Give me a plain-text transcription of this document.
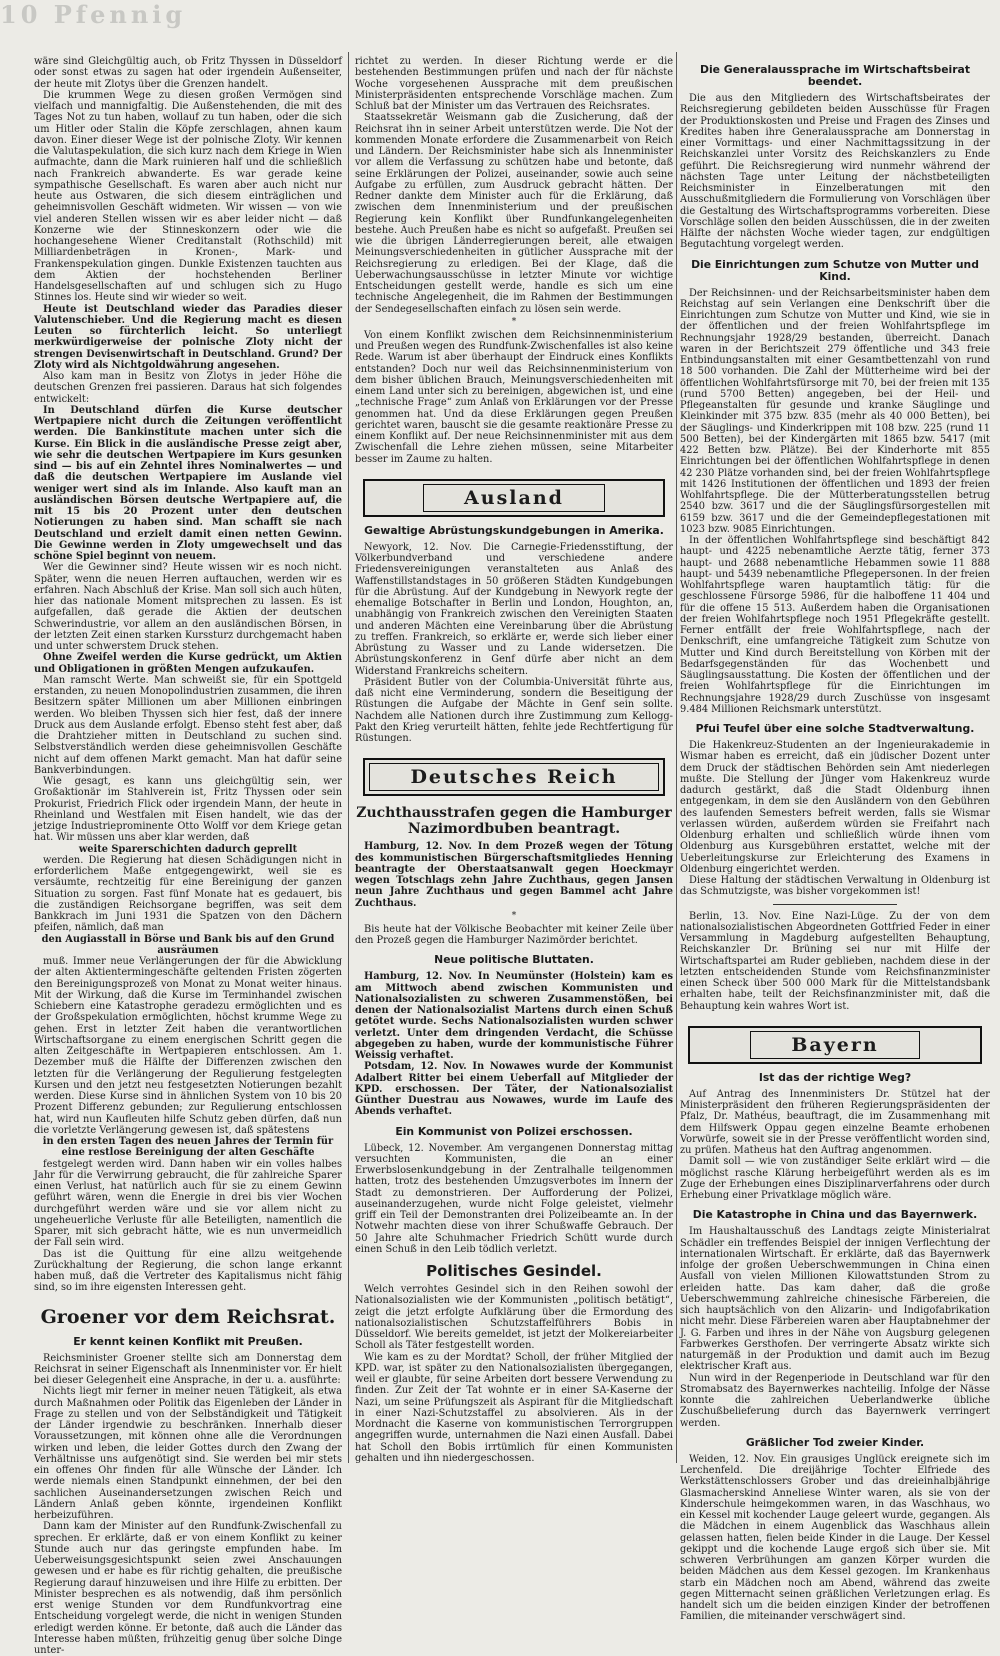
10 Pfennig

wäre sind Gleichgültig auch, ob Fritz Thyssen in Düsseldorf oder sonst etwas zu sagen hat oder irgendein Außenseiter, der heute mit Zlotys über die Grenzen handelt.

Die krummen Wege zu diesen großen Vermögen sind vielfach und mannigfaltig. Die Außenstehenden, die mit des Tages Not zu tun haben, wollauf zu tun haben, oder die sich um Hitler oder Stalin die Köpfe zerschlagen, ahnen kaum davon. Einer dieser Wege ist der polnische Zloty. Wir kennen die Valutaspekulation, die sich kurz nach dem Kriege in Wien aufmachte, dann die Mark ruinieren half und die schließlich nach Frankreich abwanderte. Es war gerade keine sympathische Gesellschaft. Es waren aber auch nicht nur heute aus Ostwaren, die sich diesem einträglichen und geheimnisvollen Geschäft widmeten. Wir wissen — von wie viel anderen Stellen wissen wir es aber leider nicht — daß Konzerne wie der Stinneskonzern oder wie die hochangesehene Wiener Creditanstalt (Rothschild) mit Milliardenbeträgen in Kronen-, Mark- und Frankenspekulation gingen. Dunkle Existenzen tauchten aus dem Aktien der hochstehenden Berliner Handelsgesellschaften auf und schlugen sich zu Hugo Stinnes los. Heute sind wir wieder so weit.

Heute ist Deutschland wieder das Paradies dieser Valutenschieber. Und die Regierung macht es diesen Leuten so fürchterlich leicht. So unterliegt merkwürdigerweise der polnische Zloty nicht der strengen Devisenwirtschaft in Deutschland. Grund? Der Zloty wird als Nichtgoldwährung angesehen.

Also kam man in Besitz von Zlotys in jeder Höhe die deutschen Grenzen frei passieren. Daraus hat sich folgendes entwickelt:

In Deutschland dürfen die Kurse deutscher Wertpapiere nicht durch die Zeitungen veröffentlicht werden. Die Bankinstitute machen unter sich die Kurse. Ein Blick in die ausländische Presse zeigt aber, wie sehr die deutschen Wertpapiere im Kurs gesunken sind — bis auf ein Zehntel ihres Nominalwertes — und daß die deutschen Wertpapiere im Auslande viel weniger wert sind als im Inlande. Also kauft man an ausländischen Börsen deutsche Wertpapiere auf, die mit 15 bis 20 Prozent unter den deutschen Notierungen zu haben sind. Man schafft sie nach Deutschland und erzielt damit einen netten Gewinn. Die Gewinne werden in Zloty umgewechselt und das schöne Spiel beginnt von neuem.

Wer die Gewinner sind? Heute wissen wir es noch nicht. Später, wenn die neuen Herren auftauchen, werden wir es erfahren. Nach Abschluß der Krise. Man soll sich auch hüten, hier das nationale Moment mitsprechen zu lassen. Es ist aufgefallen, daß gerade die Aktien der deutschen Schwerindustrie, vor allem an den ausländischen Börsen, in der letzten Zeit einen starken Kurssturz durchgemacht haben und unter schwerstem Druck stehen.

Ohne Zweifel werden die Kurse gedrückt, um Aktien und Obligationen in größten Mengen aufzukaufen.

Man ramscht Werte. Man schweißt sie, für ein Spottgeld erstanden, zu neuen Monopolindustrien zusammen, die ihren Besitzern später Millionen um aber Millionen einbringen werden. Wo bleiben Thyssen sich hier fest, daß der innere Druck aus dem Auslande erfolgt. Ebenso steht fest aber, daß die Drahtzieher mitten in Deutschland zu suchen sind. Selbstverständlich werden diese geheimnisvollen Geschäfte nicht auf dem offenen Markt gemacht. Man hat dafür seine Bankverbindungen.

Wie gesagt, es kann uns gleichgültig sein, wer Großaktionär im Stahlverein ist, Fritz Thyssen oder sein Prokurist, Friedrich Flick oder irgendein Mann, der heute in Rheinland und Westfalen mit Eisen handelt, wie das der jetzige Industrieprominente Otto Wolff vor dem Kriege getan hat. Wir müssen uns aber klar werden, daß

weite Sparerschichten dadurch geprellt

werden. Die Regierung hat diesen Schädigungen nicht in erforderlichem Maße entgegengewirkt, weil sie es versäumte, rechtzeitig für eine Bereinigung der ganzen Situation zu sorgen. Fast fünf Monate hat es gedauert, bis die zuständigen Reichsorgane begriffen, was seit dem Bankkrach im Juni 1931 die Spatzen von den Dächern pfeifen, nämlich, daß man

den Augiasstall in Börse und Bank bis auf den Grund ausräumen

muß. Immer neue Verlängerungen der für die Abwicklung der alten Aktientermingeschäfte geltenden Fristen zögerten den Bereinigungsprozeß von Monat zu Monat weiter hinaus. Mit der Wirkung, daß die Kurse im Terminhandel zwischen Schiebern eine Katastrophe geradezu ermöglichten und es der Großspekulation ermöglichten, höchst krumme Wege zu gehen. Erst in letzter Zeit haben die verantwortlichen Wirtschaftsorgane zu einem energischen Schritt gegen die alten Zeitgeschäfte in Wertpapieren entschlossen. Am 1. Dezember muß die Hälfte der Differenzen zwischen den letzten für die Verlängerung der Regulierung festgelegten Kursen und den jetzt neu festgesetzten Notierungen bezahlt werden. Diese Kurse sind in ähnlichen System von 10 bis 20 Prozent Differenz gebunden; zur Regulierung entschlossen hat, wird nun Kaufleuten hilfe Schutz geben dürfen, daß nun die vorletzte Verlängerung gewesen ist, daß spätestens

in den ersten Tagen des neuen Jahres der Termin für eine restlose Bereinigung der alten Geschäfte

festgelegt werden wird. Dann haben wir ein volles halbes Jahr für die Verwirrung gebraucht, die für zahlreiche Sparer einen Verlust, hat natürlich auch für sie zu einem Gewinn geführt wären, wenn die Energie in drei bis vier Wochen durchgeführt werden wäre und sie vor allem nicht zu ungeheuerliche Verluste für alle Beteiligten, namentlich die Sparer, mit sich gebracht hätte, wie es nun unvermeidlich der Fall sein wird.

Das ist die Quittung für eine allzu weitgehende Zurückhaltung der Regierung, die schon lange erkannt haben muß, daß die Vertreter des Kapitalismus nicht fähig sind, so im ihre eigensten Interessen geht.

Groener vor dem Reichsrat.
Er kennt keinen Konflikt mit Preußen.

Reichsminister Groener stellte sich am Donnerstag dem Reichsrat in seiner Eigenschaft als Innenminister vor. Er hielt bei dieser Gelegenheit eine Ansprache, in der u. a. ausführte:

Nichts liegt mir ferner in meiner neuen Tätigkeit, als etwa durch Maßnahmen oder Politik das Eigenleben der Länder in Frage zu stellen und von der Selbständigkeit und Tätigkeit der Länder irgendwie zu beschränken. Innerhalb dieser Voraussetzungen, mit können ohne alle die Verordnungen wirken und leben, die leider Gottes durch den Zwang der Verhältnisse uns aufgenötigt sind. Sie werden bei mir stets ein offenes Ohr finden für alle Wünsche der Länder. Ich werde niemals einen Standpunkt einnehmen, der bei den sachlichen Auseinandersetzungen zwischen Reich und Ländern Anlaß geben könnte, irgendeinen Konflikt herbeizuführen.

Dann kam der Minister auf den Rundfunk-Zwischenfall zu sprechen. Er erklärte, daß er von einem Konflikt zu keiner Stunde auch nur das geringste empfunden habe. Im Ueberweisungsgesichtspunkt seien zwei Anschauungen gewesen und er habe es für richtig gehalten, die preußische Regierung darauf hinzuweisen und ihre Hilfe zu erbitten. Der Minister besprechen es als notwendig, daß ihm persönlich erst wenige Stunden vor dem Rundfunkvortrag eine Entscheidung vorgelegt werde, die nicht in wenigen Stunden erledigt werden könne. Er betonte, daß auch die Länder das Interesse haben müßten, frühzeitig genug über solche Dinge unter-

richtet zu werden. In dieser Richtung werde er die bestehenden Bestimmungen prüfen und nach der für nächste Woche vorgesehenen Aussprache mit dem preußischen Ministerpräsidenten entsprechende Vorschläge machen. Zum Schluß bat der Minister um das Vertrauen des Reichsrates.

Staatssekretär Weismann gab die Zusicherung, daß der Reichsrat ihn in seiner Arbeit unterstützen werde. Die Not der kommenden Monate erfordere die Zusammenarbeit von Reich und Ländern. Der Reichsminister habe sich als Innenminister vor allem die Verfassung zu schützen habe und betonte, daß seine Erklärungen der Polizei, auseinander, sowie auch seine Aufgabe zu erfüllen, zum Ausdruck gebracht hätten. Der Redner dankte dem Minister auch für die Erklärung, daß zwischen dem Innenministerium und der preußischen Regierung kein Konflikt über Rundfunkangelegenheiten bestehe. Auch Preußen habe es nicht so aufgefaßt. Preußen sei wie die übrigen Länderregierungen bereit, alle etwaigen Meinungsverschiedenheiten in gütlicher Aussprache mit der Reichsregierung zu erledigen. Bei der Klage, daß die Ueberwachungsausschüsse in letzter Minute vor wichtige Entscheidungen gestellt werde, handle es sich um eine technische Angelegenheit, die im Rahmen der Bestimmungen der Sendegesellschaften einfach zu lösen sein werde.

*

Von einem Konflikt zwischen dem Reichsinnenministerium und Preußen wegen des Rundfunk-Zwischenfalles ist also keine Rede. Warum ist aber überhaupt der Eindruck eines Konflikts entstanden? Doch nur weil das Reichsinnenministerium von dem bisher üblichen Brauch, Meinungsverschiedenheiten mit einem Land unter sich zu bereinigen, abgewichen ist, und eine „technische Frage“ zum Anlaß von Erklärungen vor der Presse genommen hat. Und da diese Erklärungen gegen Preußen gerichtet waren, bauscht sie die gesamte reaktionäre Presse zu einem Konflikt auf. Der neue Reichsinnenminister mit aus dem Zwischenfall die Lehre ziehen müssen, seine Mitarbeiter besser im Zaume zu halten.

Ausland
Gewaltige Abrüstungskundgebungen in Amerika.

Newyork, 12. Nov. Die Carnegie-Friedensstiftung, der Völkerbundverband und verschiedene andere Friedensvereinigungen veranstalteten aus Anlaß des Waffenstillstandstages in 50 größeren Städten Kundgebungen für die Abrüstung. Auf der Kundgebung in Newyork regte der ehemalige Botschafter in Berlin und London, Houghton, an, unabhängig von Frankreich zwischen den Vereinigten Staaten und anderen Mächten eine Vereinbarung über die Abrüstung zu treffen. Frankreich, so erklärte er, werde sich lieber einer Abrüstung zu Wasser und zu Lande widersetzen. Die Abrüstungskonferenz in Genf dürfe aber nicht an dem Widerstand Frankreichs scheitern.

Präsident Butler von der Columbia-Universität führte aus, daß nicht eine Verminderung, sondern die Beseitigung der Rüstungen die Aufgabe der Mächte in Genf sein sollte. Nachdem alle Nationen durch ihre Zustimmung zum Kellogg-Pakt den Krieg verurteilt hätten, fehlte jede Rechtfertigung für Rüstungen.

Deutsches Reich
Zuchthausstrafen gegen die Hamburger Nazimordbuben beantragt.

Hamburg, 12. Nov. In dem Prozeß wegen der Tötung des kommunistischen Bürgerschaftsmitgliedes Henning beantragte der Oberstaatsanwalt gegen Hoeckmayr wegen Totschlags zehn Jahre Zuchthaus, gegen Jansen neun Jahre Zuchthaus und gegen Bammel acht Jahre Zuchthaus.

*

Bis heute hat der Völkische Beobachter mit keiner Zeile über den Prozeß gegen die Hamburger Nazimörder berichtet.

Neue politische Bluttaten.

Hamburg, 12. Nov. In Neumünster (Holstein) kam es am Mittwoch abend zwischen Kommunisten und Nationalsozialisten zu schweren Zusammenstößen, bei denen der Nationalsozialist Martens durch einen Schuß getötet wurde. Sechs Nationalsozialisten wurden schwer verletzt. Unter dem dringenden Verdacht, die Schüsse abgegeben zu haben, wurde der kommunistische Führer Weissig verhaftet.

Potsdam, 12. Nov. In Nowawes wurde der Kommunist Adalbert Ritter bei einem Ueberfall auf Mitglieder der KPD. erschossen. Der Täter, der Nationalsozialist Günther Duestrau aus Nowawes, wurde im Laufe des Abends verhaftet.

Ein Kommunist von Polizei erschossen.

Lübeck, 12. November. Am vergangenen Donnerstag mittag versuchten Kommunisten, die an einer Erwerbslosenkundgebung in der Zentralhalle teilgenommen hatten, trotz des bestehenden Umzugsverbotes im Innern der Stadt zu demonstrieren. Der Aufforderung der Polizei, auseinanderzugehen, wurde nicht Folge geleistet, vielmehr griff ein Teil der Demonstranten drei Polizeibeamte an. In der Notwehr machten diese von ihrer Schußwaffe Gebrauch. Der 50 Jahre alte Schuhmacher Friedrich Schütt wurde durch einen Schuß in den Leib tödlich verletzt.

Politisches Gesindel.

Welch verrohtes Gesindel sich in den Reihen sowohl der Nationalsozialisten wie der Kommunisten „politisch betätigt“, zeigt die jetzt erfolgte Aufklärung über die Ermordung des nationalsozialistischen Schutzstaffelführers Bobis in Düsseldorf. Wie bereits gemeldet, ist jetzt der Molkereiarbeiter Scholl als Täter festgestellt worden.

Wie kam es zu der Mordtat? Scholl, der früher Mitglied der KPD. war, ist später zu den Nationalsozialisten übergegangen, weil er glaubte, für seine Arbeiten dort bessere Verwendung zu finden. Zur Zeit der Tat wohnte er in einer SA-Kaserne der Nazi, um seine Prüfungszeit als Aspirant für die Mitgliedschaft in einer Nazi-Schutzstaffel zu absolvieren. Als in der Mordnacht die Kaserne von kommunistischen Terrorgruppen angegriffen wurde, unternahmen die Nazi einen Ausfall. Dabei hat Scholl den Bobis irrtümlich für einen Kommunisten gehalten und ihn niedergeschossen.

Die Generalaussprache im Wirtschaftsbeirat beendet.

Die aus den Mitgliedern des Wirtschaftsbeirates der Reichsregierung gebildeten beiden Ausschüsse für Fragen der Produktionskosten und Preise und Fragen des Zinses und Kredites haben ihre Generalaussprache am Donnerstag in einer Vormittags- und einer Nachmittagssitzung in der Reichskanzlei unter Vorsitz des Reichskanzlers zu Ende geführt. Die Reichsregierung wird nunmehr während der nächsten Tage unter Leitung der nächstbeteiligten Reichsminister in Einzelberatungen mit den Ausschußmitgliedern die Formulierung von Vorschlägen über die Gestaltung des Wirtschaftsprogramms vorbereiten. Diese Vorschläge sollen den beiden Ausschüssen, die in der zweiten Hälfte der nächsten Woche wieder tagen, zur endgültigen Begutachtung vorgelegt werden.

Die Einrichtungen zum Schutze von Mutter und Kind.

Der Reichsinnen- und der Reichsarbeitsminister haben dem Reichstag auf sein Verlangen eine Denkschrift über die Einrichtungen zum Schutze von Mutter und Kind, wie sie in der öffentlichen und der freien Wohlfahrtspflege im Rechnungsjahr 1928/29 bestanden, überreicht. Danach waren in der Berichtszeit 279 öffentliche und 343 freie Entbindungsanstalten mit einer Gesamtbettenzahl von rund 18 500 vorhanden. Die Zahl der Mütterheime wird bei der öffentlichen Wohlfahrtsfürsorge mit 70, bei der freien mit 135 (rund 5700 Betten) angegeben, bei der Heil- und Pflegeanstalten für gesunde und kranke Säuglinge und Kleinkinder mit 375 bzw. 835 (mehr als 40 000 Betten), bei der Säuglings- und Kinderkrippen mit 108 bzw. 225 (rund 11 500 Betten), bei der Kindergärten mit 1865 bzw. 5417 (mit 422 Betten bzw. Plätze). Bei der Kinderhorte mit 855 Einrichtungen bei der öffentlichen Wohlfahrtspflege in denen 42 230 Plätze vorhanden sind, bei der freien Wohlfahrtspflege mit 1426 Institutionen der öffentlichen und 1893 der freien Wohlfahrtspflege. Die der Mütterberatungsstellen betrug 2540 bzw. 3617 und die der Säuglingsfürsorgestellen mit 6159 bzw. 3617 und die der Gemeindepflegestationen mit 1023 bzw. 9085 Einrichtungen.

In der öffentlichen Wohlfahrtspflege sind beschäftigt 842 haupt- und 4225 nebenamtliche Aerzte tätig, ferner 373 haupt- und 2688 nebenamtliche Hebammen sowie 11 888 haupt- und 5439 nebenamtliche Pflegepersonen. In der freien Wohlfahrtspflege waren hauptamtlich tätig: für die geschlossene Fürsorge 5986, für die halboffene 11 404 und für die offene 15 513. Außerdem haben die Organisationen der freien Wohlfahrtspflege noch 1951 Pflegekräfte gestellt. Ferner entfällt der freie Wohlfahrtspflege, nach der Denkschrift, eine umfangreiche Tätigkeit zum Schutze von Mutter und Kind durch Bereitstellung von Körben mit der Bedarfsgegenständen für das Wochenbett und Säuglingsausstattung. Die Kosten der öffentlichen und der freien Wohlfahrtspflege für die Einrichtungen im Rechnungsjahre 1928/29 durch Zuschüsse von insgesamt 9.484 Millionen Reichsmark unterstützt.

Pfui Teufel über eine solche Stadtverwaltung.

Die Hakenkreuz-Studenten an der Ingenieurakademie in Wismar haben es erreicht, daß ein jüdischer Dozent unter dem Druck der städtischen Behörden sein Amt niederlegen mußte. Die Stellung der Jünger vom Hakenkreuz wurde dadurch gestärkt, daß die Stadt Oldenburg ihnen entgegenkam, in dem sie den Ausländern von den Gebühren des laufenden Semesters befreit werden, falls sie Wismar verlassen würden, außerdem würden sie Freifahrt nach Oldenburg erhalten und schließlich würde ihnen vom Oldenburg aus Kursgebühren erstattet, welche mit der Ueberleitungskurse zur Erleichterung des Examens in Oldenburg eingerichtet werden.

Diese Haltung der städtischen Verwaltung in Oldenburg ist das Schmutzigste, was bisher vorgekommen ist!

Berlin, 13. Nov. Eine Nazi-Lüge. Zu der von dem nationalsozialistischen Abgeordneten Gottfried Feder in einer Versammlung in Magdeburg aufgestellten Behauptung, Reichskanzler Dr. Brüning sei nur mit Hilfe der Wirtschaftspartei am Ruder geblieben, nachdem diese in der letzten entscheidenden Stunde vom Reichsfinanzminister einen Scheck über 500 000 Mark für die Mittelstandsbank erhalten habe, teilt der Reichsfinanzminister mit, daß die Behauptung kein wahres Wort ist.

Bayern
Ist das der richtige Weg?

Auf Antrag des Innenministers Dr. Stützel hat der Ministerpräsident den früheren Regierungspräsidenten der Pfalz, Dr. Mathéus, beauftragt, die im Zusammenhang mit dem Hilfswerk Oppau gegen einzelne Beamte erhobenen Vorwürfe, soweit sie in der Presse veröffentlicht worden sind, zu prüfen. Matheus hat den Auftrag angenommen.

Damit soll — wie von zuständiger Seite erklärt wird — die möglichst rasche Klärung herbeigeführt werden als es im Zuge der Erhebungen eines Disziplinarverfahrens oder durch Erhebung einer Privatklage möglich wäre.

Die Katastrophe in China und das Bayernwerk.

Im Haushaltausschuß des Landtags zeigte Ministerialrat Schädler ein treffendes Beispiel der innigen Verflechtung der internationalen Wirtschaft. Er erklärte, daß das Bayernwerk infolge der großen Ueberschwemmungen in China einen Ausfall von vielen Millionen Kilowattstunden Strom zu erleiden hatte. Das kam daher, daß die große Ueberschwemmung zahlreiche chinesische Färbereien, die sich hauptsächlich von den Alizarin- und Indigofabrikation nicht mehr. Diese Färbereien waren aber Hauptabnehmer der J. G. Farben und ihres in der Nähe von Augsburg gelegenen Farbwerkes Gersthofen. Der verringerte Absatz wirkte sich naturgemäß in der Produktion und damit auch im Bezug elektrischer Kraft aus.

Nun wird in der Regenperiode in Deutschland war für den Stromabsatz des Bayernwerkes nachteilig. Infolge der Nässe konnte die zahlreichen Ueberlandwerke übliche Zuschußbelieferung durch das Bayernwerk verringert werden.

Gräßlicher Tod zweier Kinder.

Weiden, 12. Nov. Ein grausiges Unglück ereignete sich im Lerchenfeld. Die dreijährige Tochter Elfriede des Werkstättenschlossers Grober und das dreieinhalbjährige Glasmacherskind Anneliese Winter waren, als sie von der Kinderschule heimgekommen waren, in das Waschhaus, wo ein Kessel mit kochender Lauge geleert wurde, gegangen. Als die Mädchen in einem Augenblick das Waschhaus allein gelassen hatten, fielen beide Kinder in die Lauge. Der Kessel gekippt und die kochende Lauge ergoß sich über sie. Mit schweren Verbrühungen am ganzen Körper wurden die beiden Mädchen aus dem Kessel gezogen. Im Krankenhaus starb ein Mädchen noch am Abend, während das zweite gegen Mitternacht seinen gräßlichen Verletzungen erlag. Es handelt sich um die beiden einzigen Kinder der betroffenen Familien, die miteinander verschwägert sind.
